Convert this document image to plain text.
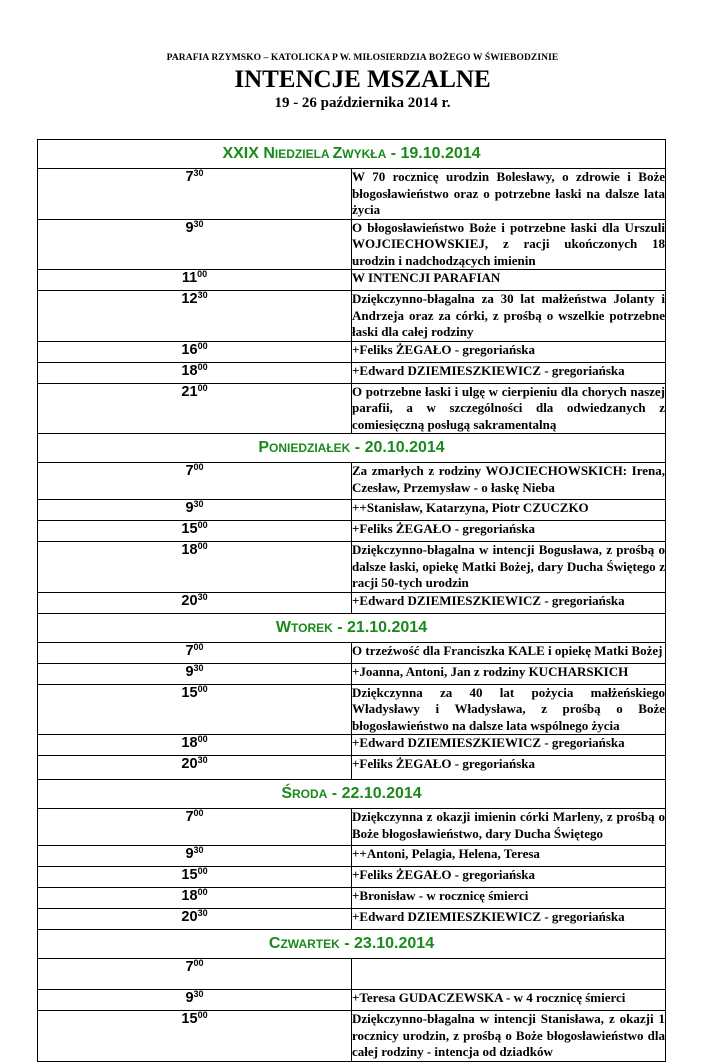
PARAFIA RZYMSKO – KATOLICKA P W. MIŁOSIERDZIA BOŻEGO W ŚWIEBODZINIE
INTENCJE MSZALNE
19 - 26 października 2014 r.
XXIX NIEDZIELA ZWYKŁA - 19.10.2014	
$7^{30}$	W 70 rocznicę urodzin Bolesławy, o zdrowie i Boże błogosławieństwo oraz o potrzebne łaski na dalsze lata życia
$9^{30}$	O błogosławieństwo Boże i potrzebne łaski dla Urszuli WOJCIECHOWSKIEJ, z racji ukończonych 18 urodzin i nadchodzących imienin
$11^{00}$	W INTENCJI PARAFIAN
$12^{30}$	Dziękczynno-błagalna za 30 lat małżeństwa Jolanty i Andrzeja oraz za córki, z prośbą o wszelkie potrzebne łaski dla całej rodziny
$16^{00}$	+Feliks ŻEGAŁO - gregoriańska
$18^{00}$	+Edward DZIEMIESZKIEWICZ - gregoriańska
$21^{00}$	O potrzebne łaski i ulgę w cierpieniu dla chorych naszej parafii, a w szczególności dla odwiedzanych z comiesięczną posługą sakramentalną
PONIEDZIAŁEK - 20.10.2014	
$7^{00}$	Za zmarłych z rodziny WOJCIECHOWSKICH: Irena, Czesław, Przemysław - o łaskę Nieba
$9^{30}$	++Stanisław, Katarzyna, Piotr CZUCZKO
$15^{00}$	+Feliks ŻEGAŁO - gregoriańska
$18^{00}$	Dziękczynno-błagalna w intencji Bogusława, z prośbą o dalsze łaski, opiekę Matki Bożej, dary Ducha Świętego z racji 50-tych urodzin
$20^{30}$	+Edward DZIEMIESZKIEWICZ - gregoriańska
WTOREK - 21.10.2014	
$7^{00}$	O trzeźwość dla Franciszka KALE i opiekę Matki Bożej
$9^{30}$	+Joanna, Antoni, Jan z rodziny KUCHARSKICH
$15^{00}$	Dziękczynna za 40 lat pożycia małżeńskiego Władysławy i Władysława, z prośbą o Boże błogosławieństwo na dalsze lata wspólnego życia
$18^{00}$	+Edward DZIEMIESZKIEWICZ - gregoriańska
$20^{30}$	+Feliks ŻEGAŁO - gregoriańska
ŚRODA - 22.10.2014	
$7^{00}$	Dziękczynna z okazji imienin córki Marleny, z prośbą o Boże błogosławieństwo, dary Ducha Świętego
$9^{30}$	++Antoni, Pelagia, Helena, Teresa
$15^{00}$	+Feliks ŻEGAŁO - gregoriańska
$18^{00}$	+Bronisław - w rocznicę śmierci
$20^{30}$	+Edward DZIEMIESZKIEWICZ - gregoriańska
CZWARTEK - 23.10.2014	
$7^{00}$	
$9^{30}$	+Teresa GUDACZEWSKA - w 4 rocznicę śmierci
$15^{00}$	Dziękczynno-błagalna w intencji Stanisława, z okazji 1 rocznicy urodzin, z prośbą o Boże błogosławieństwo dla całej rodziny - intencja od dziadków
